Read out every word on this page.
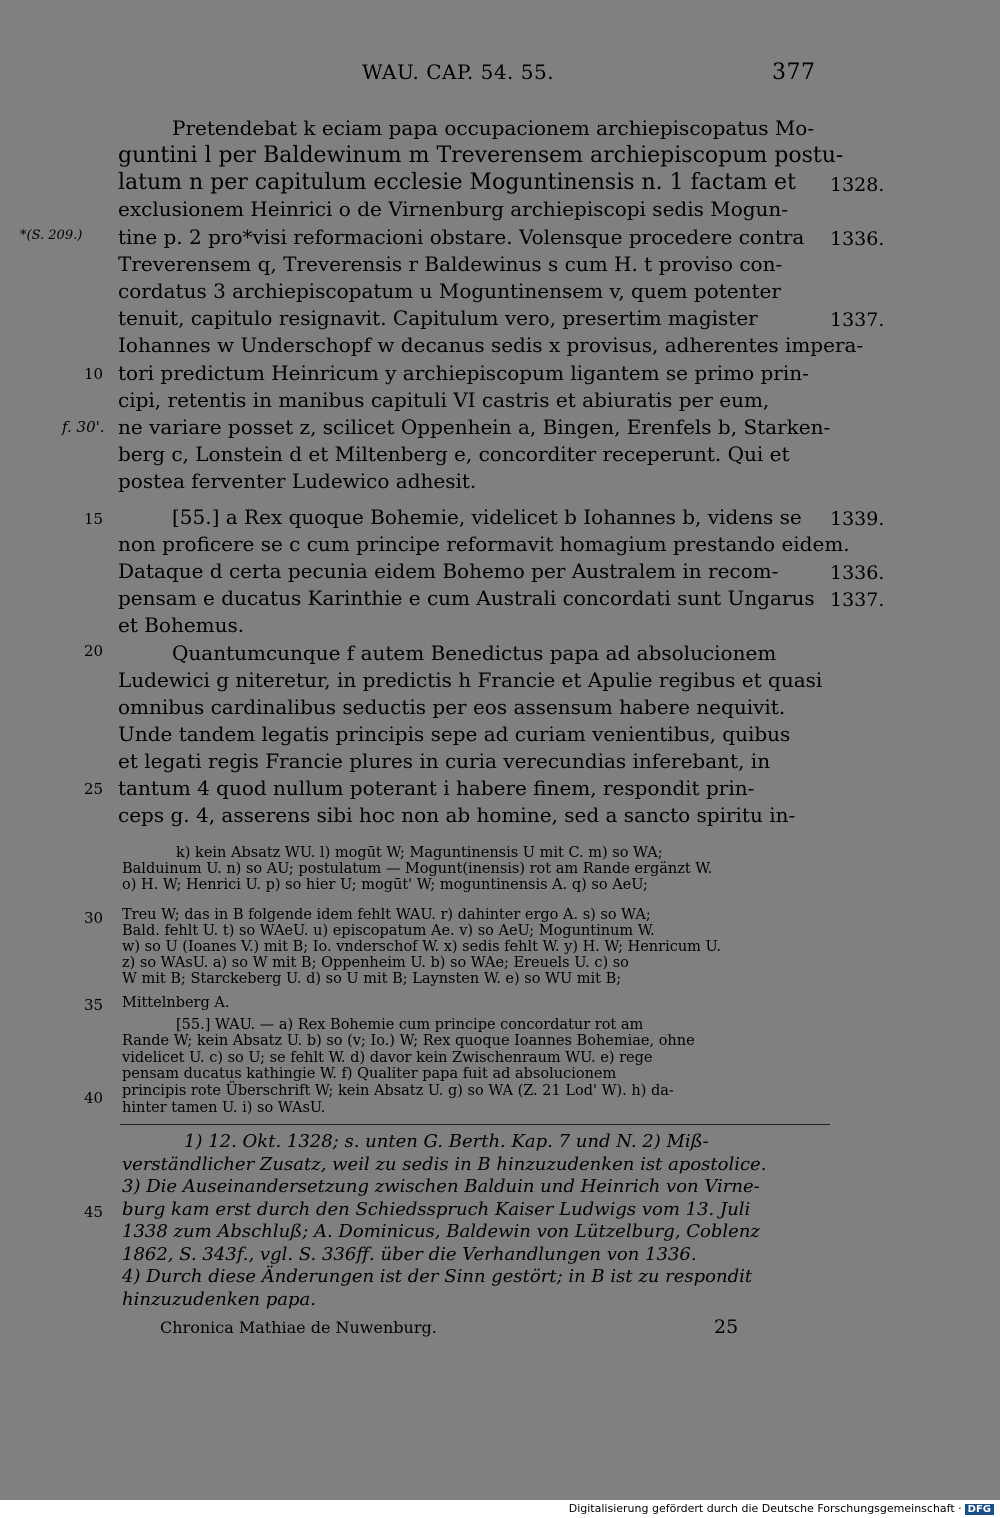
WAU. CAP. 54. 55.	377
Pretendebat k eciam papa occupacionem archiepiscopatus Mo-
guntini l per Baldewinum m Treverensem archiepiscopum postu-
latum n per capitulum ecclesie Moguntinensis n. 1 factam et
exclusionem Heinrici o de Virnenburg archiepiscopi sedis Mogun-
tine p. 2 pro*visi reformacioni obstare. Volensque procedere contra
Treverensem q, Treverensis r Baldewinus s cum H. t proviso con-
cordatus 3 archiepiscopatum u Moguntinensem v, quem potenter
tenuit, capitulo resignavit. Capitulum vero, presertim magister
Iohannes w Underschopf w decanus sedis x provisus, adherentes impera-
tori predictum Heinricum y archiepiscopum ligantem se primo prin-
cipi, retentis in manibus capituli VI castris et abiuratis per eum,
ne variare posset z, scilicet Oppenhein a, Bingen, Erenfels b, Starken-
berg c, Lonstein d et Miltenberg e, concorditer receperunt. Qui et
postea ferventer Ludewico adhesit.
[55.] a Rex quoque Bohemie, videlicet b Iohannes b, videns se
non proficere se c cum principe reformavit homagium prestando eidem.
Dataque d certa pecunia eidem Bohemo per Australem in recom-
pensam e ducatus Karinthie e cum Australi concordati sunt Ungarus
et Bohemus.
Quantumcunque f autem Benedictus papa ad absolucionem
Ludewici g niteretur, in predictis h Francie et Apulie regibus et quasi
omnibus cardinalibus seductis per eos assensum habere nequivit.
Unde tandem legatis principis sepe ad curiam venientibus, quibus
et legati regis Francie plures in curia verecundias inferebant, in
tantum 4 quod nullum poterant i habere finem, respondit prin-
ceps g. 4, asserens sibi hoc non ab homine, sed a sancto spiritu in-
10
15
20
25
30
35
40
45
*(S. 209.)
f. 30'.
1328.
1336.
1337.
1339.
1336.
1337.
k) kein Absatz WU. l) mogūt W; Maguntinensis U mit C. m) so WA;
Balduinum U. n) so AU; postulatum — Mogunt(inensis) rot am Rande ergänzt W.
o) H. W; Henrici U. p) so hier U; mogūt' W; moguntinensis A. q) so AeU;
Treu W; das in B folgende idem fehlt WAU. r) dahinter ergo A. s) so WA;
Bald. fehlt U. t) so WAeU. u) episcopatum Ae. v) so AeU; Moguntinum W.
w) so U (Ioanes V.) mit B; Io. vnderschof W. x) sedis fehlt W. y) H. W; Henricum U.
z) so WAsU. a) so W mit B; Oppenheim U. b) so WAe; Ereuels U. c) so
W mit B; Starckeberg U. d) so U mit B; Laynsten W. e) so WU mit B;
Mittelnberg A.
[55.] WAU. — a) Rex Bohemie cum principe concordatur rot am
Rande W; kein Absatz U. b) so (v; Io.) W; Rex quoque Ioannes Bohemiae, ohne
videlicet U. c) so U; se fehlt W. d) davor kein Zwischenraum WU. e) rege
pensam ducatus kathingie W. f) Qualiter papa fuit ad absolucionem
principis rote Überschrift W; kein Absatz U. g) so WA (Z. 21 Lod' W). h) da-
hinter tamen U. i) so WAsU.
1) 12. Okt. 1328; s. unten G. Berth. Kap. 7 und N. 2) Miß-
verständlicher Zusatz, weil zu sedis in B hinzuzudenken ist apostolice.
3) Die Auseinandersetzung zwischen Balduin und Heinrich von Virne-
burg kam erst durch den Schiedsspruch Kaiser Ludwigs vom 13. Juli
1338 zum Abschluß; A. Dominicus, Baldewin von Lützelburg, Coblenz
1862, S. 343f., vgl. S. 336ff. über die Verhandlungen von 1336.
4) Durch diese Änderungen ist der Sinn gestört; in B ist zu respondit
hinzuzudenken papa.
Chronica Mathiae de Nuwenburg.	25
Digitalisierung gefördert durch die Deutsche Forschungsgemeinschaft · DFG
